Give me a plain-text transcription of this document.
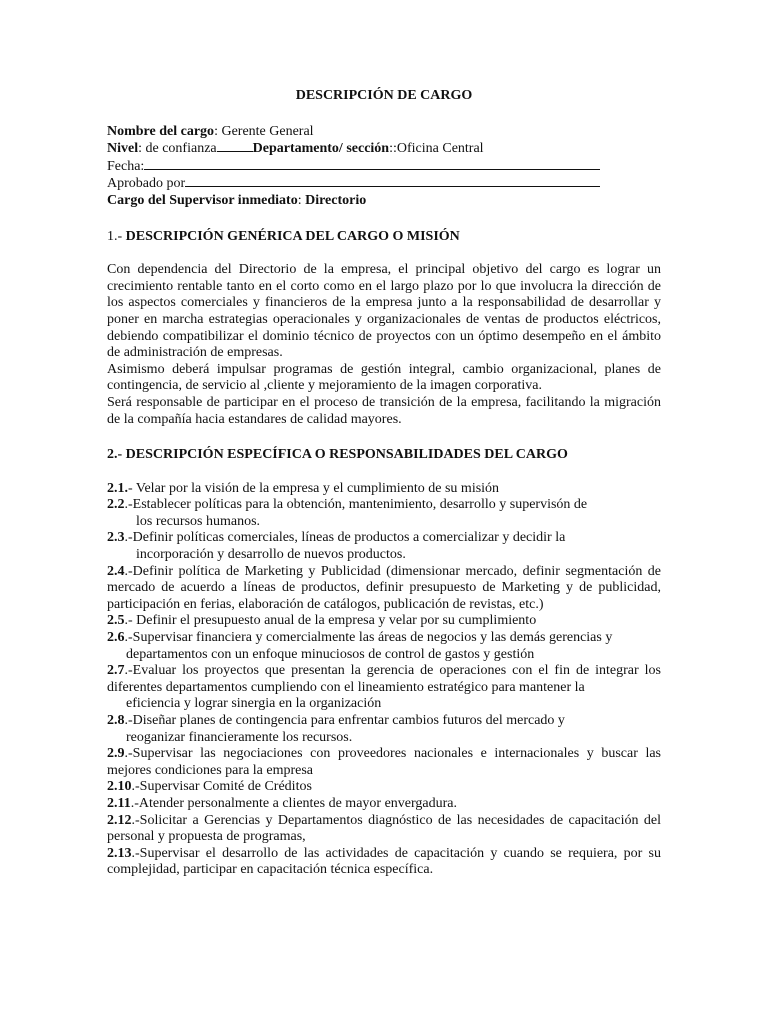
DESCRIPCIÓN DE CARGO

Nombre del cargo: Gerente General

Nivel: de confianza	Departamento/ sección::Oficina Central

Fecha:

Aprobado por

Cargo del Supervisor inmediato: Directorio

1.- DESCRIPCIÓN GENÉRICA DEL CARGO O MISIÓN

Con dependencia del Directorio de la empresa, el principal objetivo del cargo es lograr un crecimiento rentable tanto en el corto como en el largo plazo por lo que involucra la dirección de los aspectos comerciales y financieros de la empresa junto a la responsabilidad de desarrollar y poner en marcha estrategias operacionales y organizacionales de ventas de productos eléctricos, debiendo compatibilizar el dominio técnico de proyectos con un óptimo desempeño en el ámbito de administración de empresas.

Asimismo deberá impulsar programas de gestión integral, cambio organizacional, planes de contingencia, de servicio al ,cliente y mejoramiento de la imagen corporativa.

Será responsable de participar en el proceso de transición de la empresa, facilitando la migración de la compañía hacia estandares de calidad mayores.

2.- DESCRIPCIÓN ESPECÍFICA O RESPONSABILIDADES DEL CARGO

2.1.- Velar por la visión de la empresa y el cumplimiento de su misión

2.2.-Establecer políticas para la obtención, mantenimiento, desarrollo y supervisón de
los recursos humanos.

2.3.-Definir políticas comerciales, líneas de productos a comercializar y decidir la
incorporación y desarrollo de nuevos productos.

2.4.-Definir política de Marketing y Publicidad (dimensionar mercado, definir segmentación de mercado de acuerdo a líneas de productos, definir presupuesto de Marketing y de publicidad, participación en ferias, elaboración de catálogos, publicación de revistas, etc.)

2.5.- Definir el presupuesto anual de la empresa y velar por su cumplimiento

2.6.-Supervisar financiera y comercialmente las áreas de negocios y las demás gerencias y
departamentos con un enfoque minuciosos de control de gastos y gestión

2.7.-Evaluar los proyectos que presentan la gerencia de operaciones con el fin de integrar los diferentes departamentos cumpliendo con el lineamiento estratégico para mantener la
eficiencia y lograr sinergia en la organización

2.8.-Diseñar planes de contingencia para enfrentar cambios futuros del mercado y
reoganizar financieramente los recursos.

2.9.-Supervisar las negociaciones con proveedores nacionales e internacionales y buscar las mejores condiciones para la empresa

2.10.-Supervisar Comité de Créditos

2.11.-Atender personalmente a clientes de mayor envergadura.

2.12.-Solicitar a Gerencias y Departamentos diagnóstico de las necesidades de capacitación del personal y propuesta de programas,

2.13.-Supervisar el desarrollo de las actividades de capacitación y cuando se requiera, por su complejidad, participar en capacitación técnica específica.
